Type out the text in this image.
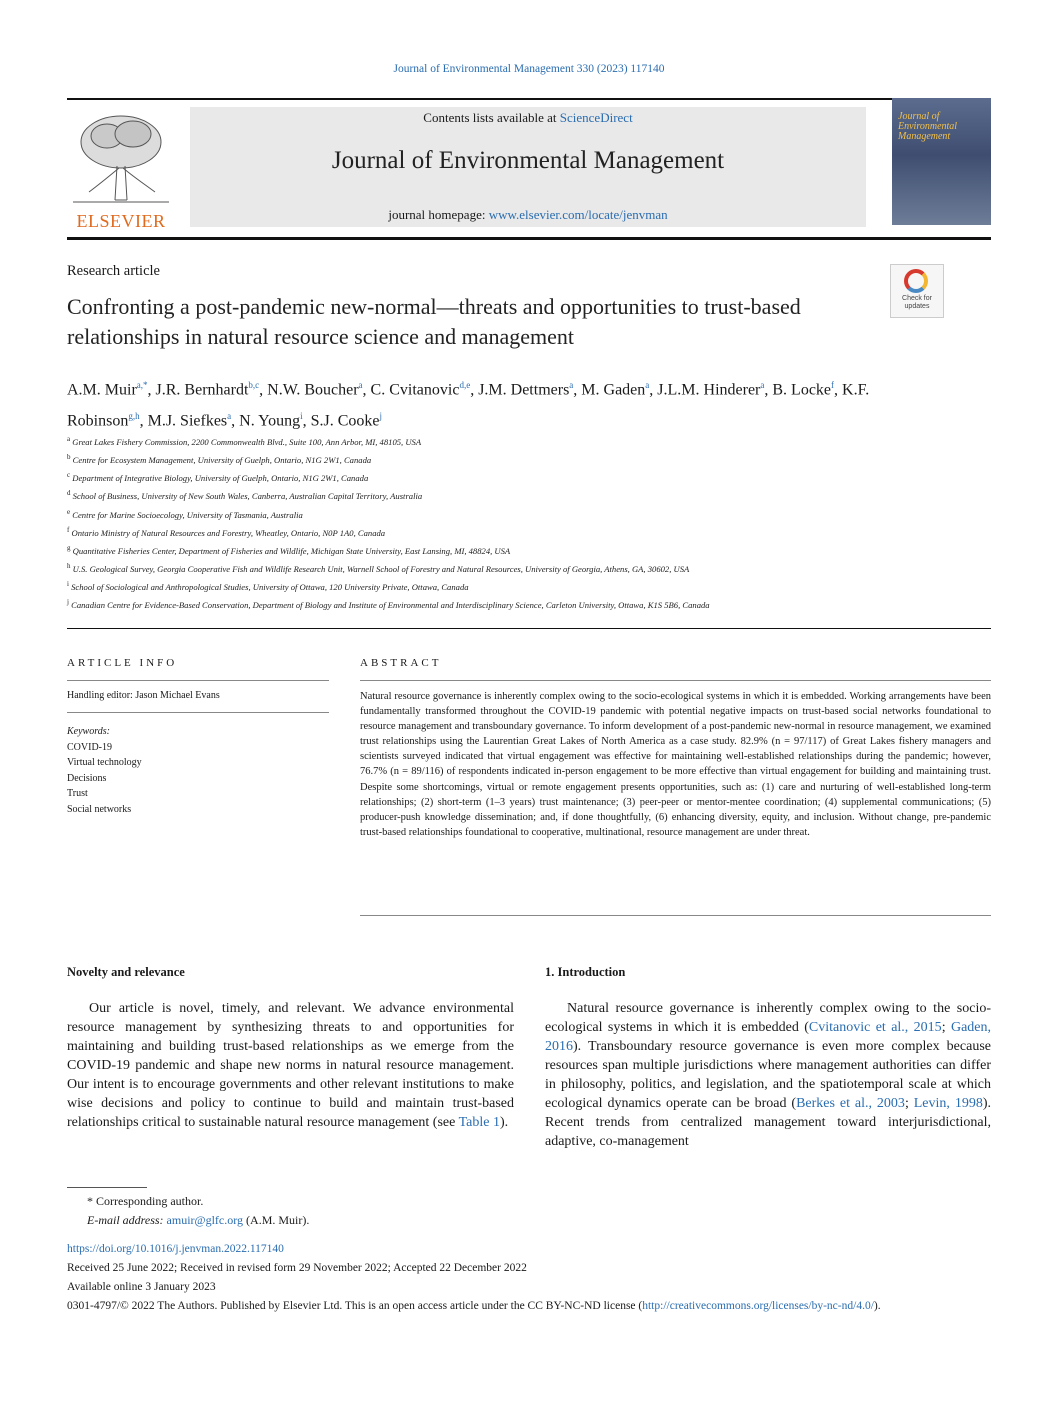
Journal of Environmental Management 330 (2023) 117140
ELSEVIER
Contents lists available at ScienceDirect
Journal of Environmental Management
journal homepage: www.elsevier.com/locate/jenvman
Journal of
Environmental
Management
Research article
Confronting a post-pandemic new-normal—threats and opportunities to trust-based relationships in natural resource science and management
Check for
updates
A.M. Muir$^{a,*}$, J.R. Bernhardt$^{b,c}$, N.W. Boucher$^a$, C. Cvitanovic$^{d,e}$, J.M. Dettmers$^a$, M. Gaden$^a$, J.L.M. Hinderer$^a$, B. Locke$^f$, K.F. Robinson$^{g,h}$, M.J. Siefkes$^a$, N. Young$^i$, S.J. Cooke$^j$
$^a$ Great Lakes Fishery Commission, 2200 Commonwealth Blvd., Suite 100, Ann Arbor, MI, 48105, USA
$^b$ Centre for Ecosystem Management, University of Guelph, Ontario, N1G 2W1, Canada
$^c$ Department of Integrative Biology, University of Guelph, Ontario, N1G 2W1, Canada
$^d$ School of Business, University of New South Wales, Canberra, Australian Capital Territory, Australia
$^e$ Centre for Marine Socioecology, University of Tasmania, Australia
$^f$ Ontario Ministry of Natural Resources and Forestry, Wheatley, Ontario, N0P 1A0, Canada
$^g$ Quantitative Fisheries Center, Department of Fisheries and Wildlife, Michigan State University, East Lansing, MI, 48824, USA
$^h$ U.S. Geological Survey, Georgia Cooperative Fish and Wildlife Research Unit, Warnell School of Forestry and Natural Resources, University of Georgia, Athens, GA, 30602, USA
$^i$ School of Sociological and Anthropological Studies, University of Ottawa, 120 University Private, Ottawa, Canada
$^j$ Canadian Centre for Evidence-Based Conservation, Department of Biology and Institute of Environmental and Interdisciplinary Science, Carleton University, Ottawa, K1S 5B6, Canada
ARTICLE INFO
Handling editor: Jason Michael Evans
Keywords:
COVID-19
Virtual technology
Decisions
Trust
Social networks
ABSTRACT
Natural resource governance is inherently complex owing to the socio-ecological systems in which it is embedded. Working arrangements have been fundamentally transformed throughout the COVID-19 pandemic with potential negative impacts on trust-based social networks foundational to resource management and transboundary governance. To inform development of a post-pandemic new-normal in resource management, we examined trust relationships using the Laurentian Great Lakes of North America as a case study. 82.9% (n = 97/117) of Great Lakes fishery managers and scientists surveyed indicated that virtual engagement was effective for maintaining well-established relationships during the pandemic; however, 76.7% (n = 89/116) of respondents indicated in-person engagement to be more effective than virtual engagement for building and maintaining trust. Despite some shortcomings, virtual or remote engagement presents opportunities, such as: (1) care and nurturing of well-established long-term relationships; (2) short-term (1–3 years) trust maintenance; (3) peer-peer or mentor-mentee coordination; (4) supplemental communications; (5) producer-push knowledge dissemination; and, if done thoughtfully, (6) enhancing diversity, equity, and inclusion. Without change, pre-pandemic trust-based relationships foundational to cooperative, multinational, resource management are under threat.
Novelty and relevance
Our article is novel, timely, and relevant. We advance environmental resource management by synthesizing threats to and opportunities for maintaining and building trust-based relationships as we emerge from the COVID-19 pandemic and shape new norms in natural resource management. Our intent is to encourage governments and other relevant institutions to make wise decisions and policy to continue to build and maintain trust-based relationships critical to sustainable natural resource management (see Table 1).
1. Introduction
Natural resource governance is inherently complex owing to the socio-ecological systems in which it is embedded (Cvitanovic et al., 2015; Gaden, 2016). Transboundary resource governance is even more complex because resources span multiple jurisdictions where management authorities can differ in philosophy, politics, and legislation, and the spatiotemporal scale at which ecological dynamics operate can be broad (Berkes et al., 2003; Levin, 1998). Recent trends from centralized management toward interjurisdictional, adaptive, co-management
* Corresponding author.
E-mail address: amuir@glfc.org (A.M. Muir).
https://doi.org/10.1016/j.jenvman.2022.117140
Received 25 June 2022; Received in revised form 29 November 2022; Accepted 22 December 2022
Available online 3 January 2023
0301-4797/© 2022 The Authors. Published by Elsevier Ltd. This is an open access article under the CC BY-NC-ND license (http://creativecommons.org/licenses/by-nc-nd/4.0/).
